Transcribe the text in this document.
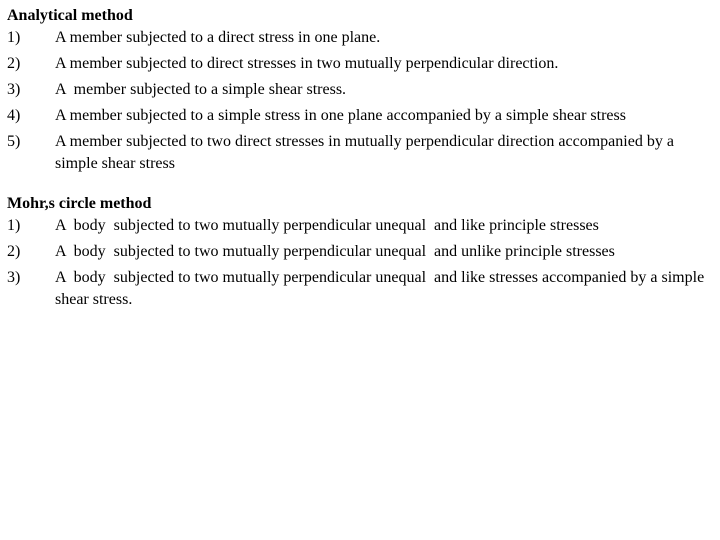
Analytical method
1)	A member subjected to a direct stress in one plane.
2)	A member subjected to direct stresses in two mutually perpendicular direction.
3)	A  member subjected to a simple shear stress.
4)	A member subjected to a simple stress in one plane accompanied by a simple shear stress
5)	A member subjected to two direct stresses in mutually perpendicular direction accompanied by a simple shear stress
Mohr,s circle method
1)	A  body  subjected to two mutually perpendicular unequal  and like principle stresses
2)	A  body  subjected to two mutually perpendicular unequal  and unlike principle stresses
3)	A  body  subjected to two mutually perpendicular unequal  and like stresses accompanied by a simple shear stress.
